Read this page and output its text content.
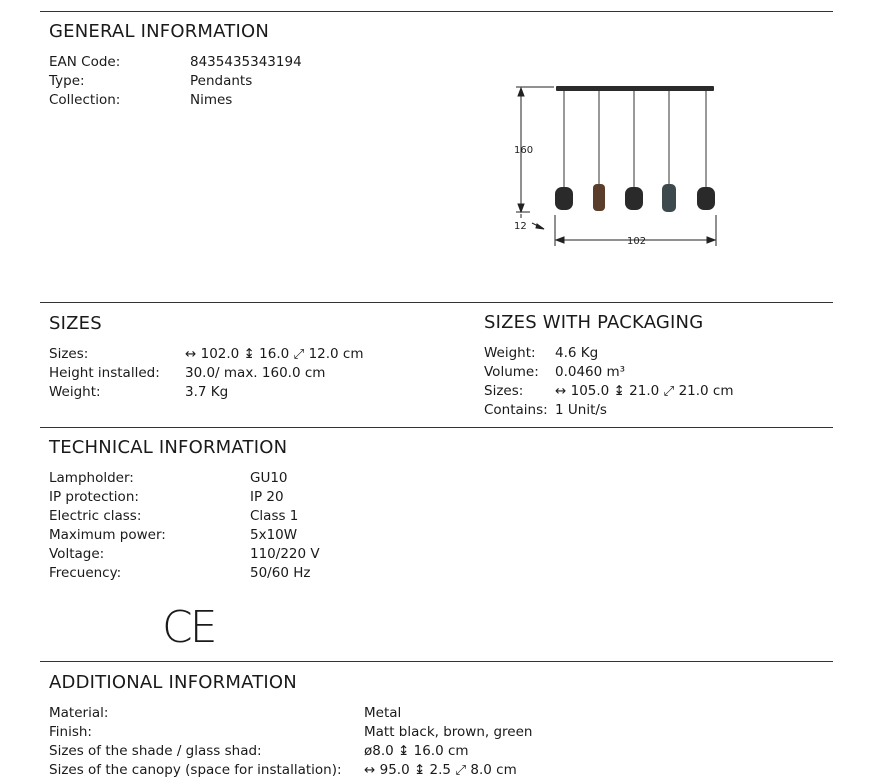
GENERAL INFORMATION
EAN Code:	8435435343194
Type:	Pendants
Collection:	Nimes
160
12
102
SIZES
Sizes:	↔ 102.0 ↨ 16.0 ⤢ 12.0 cm
Height installed: 30.0/ max. 160.0 cm
Weight:	3.7 Kg
SIZES WITH PACKAGING
Weight: 4.6 Kg
Volume: 0.0460 m³
Sizes: ↔ 105.0 ↨ 21.0 ⤢ 21.0 cm
Contains: 1 Unit/s
TECHNICAL INFORMATION
Lampholder:	GU10
IP protection:	IP 20
Electric class:	Class 1
Maximum power:	5x10W
Voltage:	110/220 V
Frecuency:	50/60 Hz
CE
ADDITIONAL INFORMATION
Material:	Metal
Finish:	Matt black, brown, green
Sizes of the shade / glass shad:	ø8.0 ↨ 16.0 cm
Sizes of the canopy (space for installation): ↔ 95.0 ↨ 2.5 ⤢ 8.0 cm
